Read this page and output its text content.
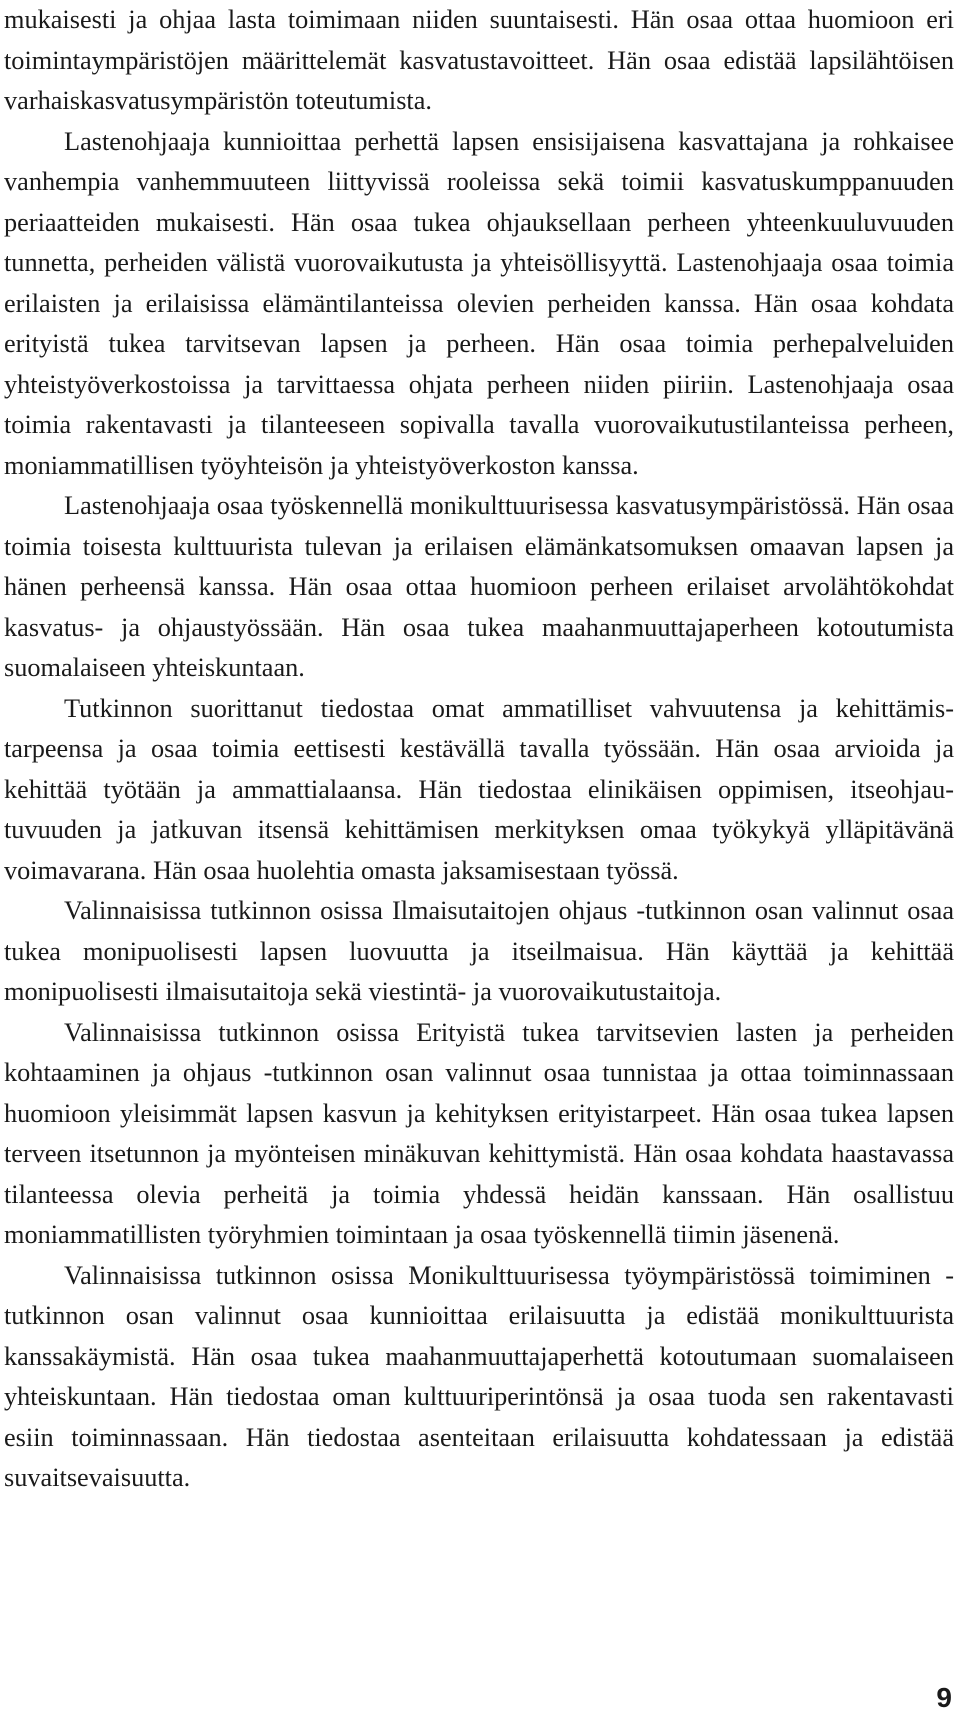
mukaisesti ja ohjaa lasta toimimaan niiden suuntaisesti. Hän osaa ottaa huomioon eri toimintaympäristöjen määrittelemät kasvatustavoitteet. Hän osaa edistää lapsilähtöisen varhaiskasvatusympäristön toteutumista.

Lastenohjaaja kunnioittaa perhettä lapsen ensisijaisena kasvattajana ja rohkaisee vanhempia vanhemmuuteen liittyvissä rooleissa sekä toimii kasvatuskumppanuuden periaatteiden mukaisesti. Hän osaa tukea ohjauksellaan perheen yhteenkuuluvuuden tunnetta, perheiden välistä vuorovaikutusta ja yhteisöllisyyttä. Lastenohjaaja osaa toimia erilaisten ja erilaisissa elämäntilanteissa olevien perheiden kanssa. Hän osaa kohdata erityistä tukea tarvitsevan lapsen ja perheen. Hän osaa toimia perhepalveluiden yhteistyöverkostoissa ja tarvittaessa ohjata perheen niiden piiriin. Lastenohjaaja osaa toimia rakentavasti ja tilanteeseen sopivalla tavalla vuorovaikutustilanteissa perheen, moniammatillisen työyhteisön ja yhteistyöverkoston kanssa.

Lastenohjaaja osaa työskennellä monikulttuurisessa kasvatusympäristössä. Hän osaa toimia toisesta kulttuurista tulevan ja erilaisen elämänkatsomuksen omaavan lapsen ja hänen perheensä kanssa. Hän osaa ottaa huomioon perheen erilaiset arvolähtökohdat kasvatus- ja ohjaustyössään. Hän osaa tukea maahanmuuttajaperheen kotoutumista suomalaiseen yhteiskuntaan.

Tutkinnon suorittanut tiedostaa omat ammatilliset vahvuutensa ja kehittämistarpeensa ja osaa toimia eettisesti kestävällä tavalla työssään. Hän osaa arvioida ja kehittää työtään ja ammattialaansa. Hän tiedostaa elinikäisen oppimisen, itseohjautuvuuden ja jatkuvan itsensä kehittämisen merkityksen omaa työkykyä ylläpitävänä voimavarana. Hän osaa huolehtia omasta jaksamisestaan työssä.

Valinnaisissa tutkinnon osissa Ilmaisutaitojen ohjaus -tutkinnon osan valinnut osaa tukea monipuolisesti lapsen luovuutta ja itseilmaisua. Hän käyttää ja kehittää monipuolisesti ilmaisutaitoja sekä viestintä- ja vuorovaikutustaitoja.

Valinnaisissa tutkinnon osissa Erityistä tukea tarvitsevien lasten ja perheiden kohtaaminen ja ohjaus -tutkinnon osan valinnut osaa tunnistaa ja ottaa toiminnassaan huomioon yleisimmät lapsen kasvun ja kehityksen erityistarpeet. Hän osaa tukea lapsen terveen itsetunnon ja myönteisen minäkuvan kehittymistä. Hän osaa kohdata haastavassa tilanteessa olevia perheitä ja toimia yhdessä heidän kanssaan. Hän osallistuu moniammatillisten työryhmien toimintaan ja osaa työskennellä tiimin jäsenenä.

Valinnaisissa tutkinnon osissa Monikulttuurisessa työympäristössä toimiminen -tutkinnon osan valinnut osaa kunnioittaa erilaisuutta ja edistää monikulttuurista kanssakäymistä. Hän osaa tukea maahanmuuttajaperhettä kotoutumaan suomalaiseen yhteiskuntaan. Hän tiedostaa oman kulttuuriperintönsä ja osaa tuoda sen rakentavasti esiin toiminnassaan. Hän tiedostaa asenteitaan erilaisuutta kohdatessaan ja edistää suvaitsevaisuutta.

9
